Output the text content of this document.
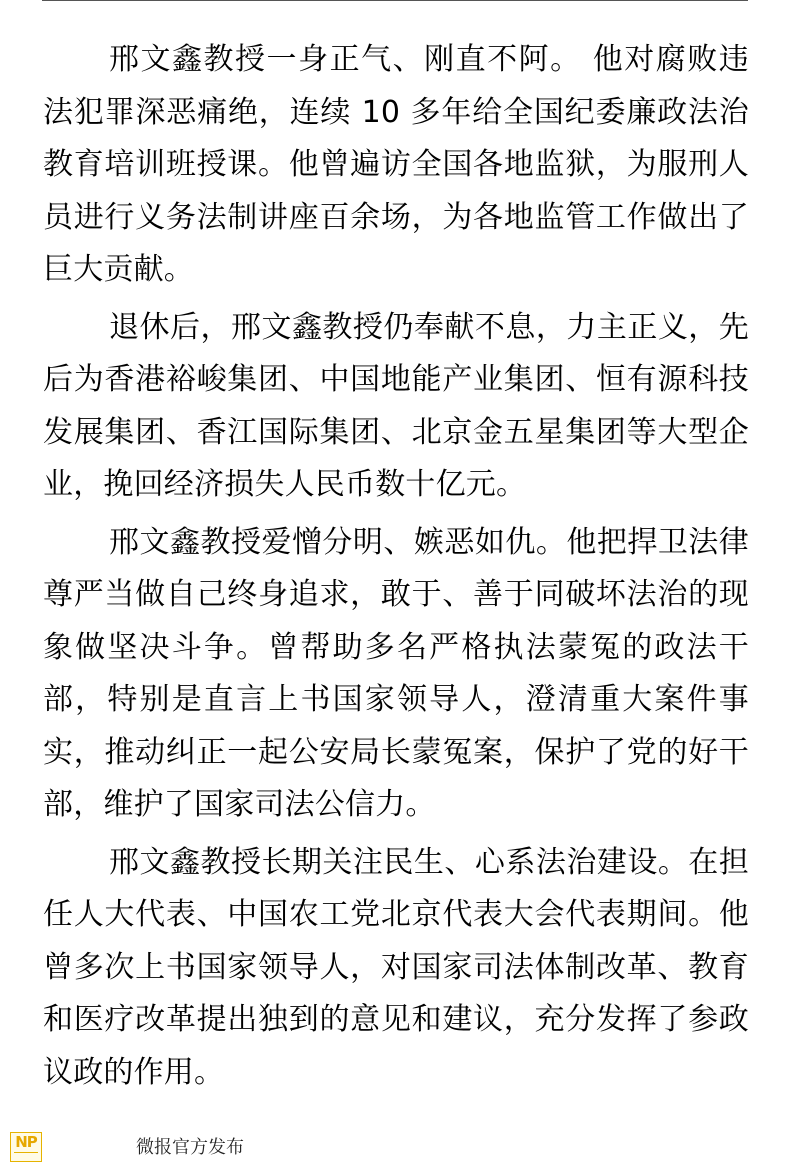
邢文鑫教授一身正气、刚直不阿。 他对腐败违法犯罪深恶痛绝，连续 10 多年给全国纪委廉政法治教育培训班授课。他曾遍访全国各地监狱，为服刑人员进行义务法制讲座百余场，为各地监管工作做出了巨大贡献。

退休后，邢文鑫教授仍奉献不息，力主正义，先后为香港裕峻集团、中国地能产业集团、恒有源科技发展集团、香江国际集团、北京金五星集团等大型企业，挽回经济损失人民币数十亿元。

邢文鑫教授爱憎分明、嫉恶如仇。他把捍卫法律尊严当做自己终身追求，敢于、善于同破坏法治的现象做坚决斗争。曾帮助多名严格执法蒙冤的政法干部，特别是直言上书国家领导人，澄清重大案件事实，推动纠正一起公安局长蒙冤案，保护了党的好干部，维护了国家司法公信力。

邢文鑫教授长期关注民生、心系法治建设。在担任人大代表、中国农工党北京代表大会代表期间。他曾多次上书国家领导人，对国家司法体制改革、教育和医疗改革提出独到的意见和建议，充分发挥了参政议政的作用。

NP	微报官方发布
